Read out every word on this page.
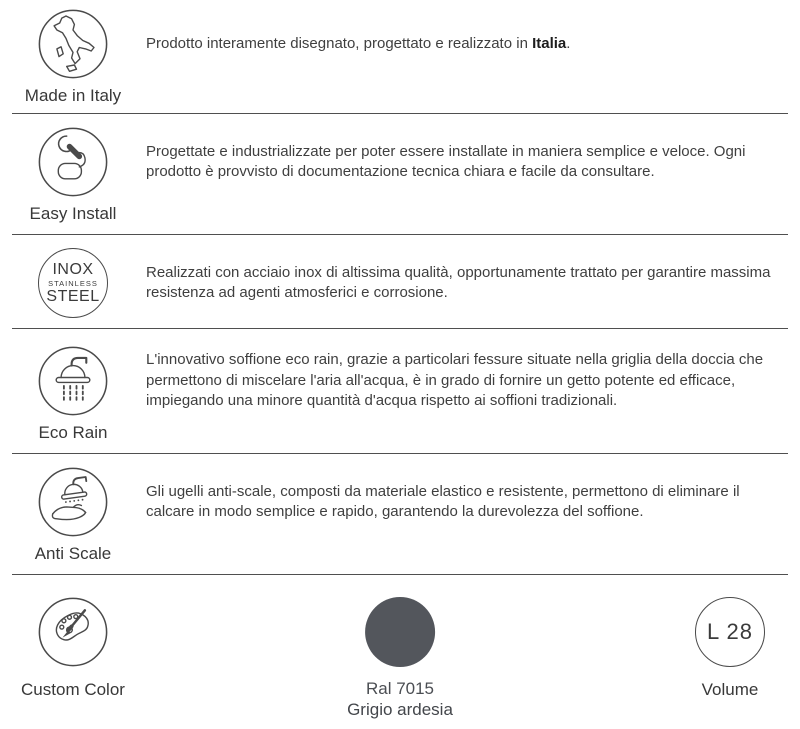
Made in Italy

Prodotto interamente disegnato, progettato e realizzato in Italia.

Easy Install

Progettate e industrializzate per poter essere installate in maniera semplice e veloce. Ogni prodotto è provvisto di documentazione tecnica chiara e facile da consultare.

INOX
STAINLESS
STEEL

Realizzati con acciaio inox di altissima qualità, opportunamente trattato per garantire massima resistenza ad agenti atmosferici e corrosione.

Eco Rain

L'innovativo soffione eco rain, grazie a particolari fessure situate nella griglia della doccia che permettono di miscelare l'aria all'acqua, è in grado di fornire un getto potente ed efficace, impiegando una minore quantità d'acqua rispetto ai soffioni tradizionali.

Anti Scale

Gli ugelli anti-scale, composti da materiale elastico e resistente, permettono di eliminare il calcare in modo semplice e rapido, garantendo la durevolezza del soffione.

Custom Color	Ral 7015
Grigio ardesia
L 28
Volume
